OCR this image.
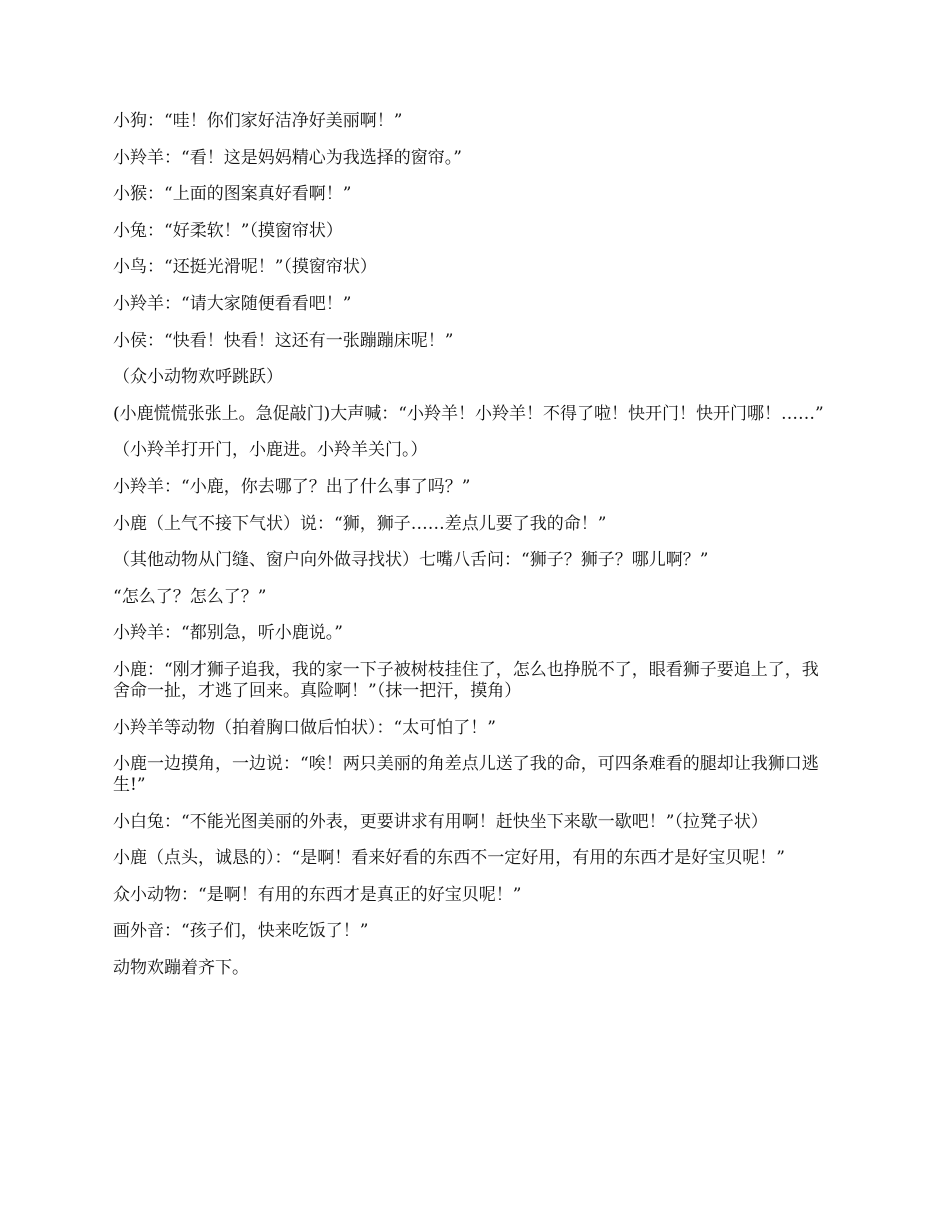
小狗：“哇！你们家好洁净好美丽啊！”

小羚羊：“看！这是妈妈精心为我选择的窗帘。”

小猴：“上面的图案真好看啊！”

小兔：“好柔软！”（摸窗帘状）

小鸟：“还挺光滑呢！”（摸窗帘状）

小羚羊：“请大家随便看看吧！”

小侯：“快看！快看！这还有一张蹦蹦床呢！”

（众小动物欢呼跳跃）

(小鹿慌慌张张上。急促敲门)大声喊：“小羚羊！小羚羊！不得了啦！快开门！快开门哪！……”

（小羚羊打开门，小鹿进。小羚羊关门。）

小羚羊：“小鹿，你去哪了？出了什么事了吗？”

小鹿（上气不接下气状）说：“狮，狮子……差点儿要了我的命！”

（其他动物从门缝、窗户向外做寻找状）七嘴八舌问：“狮子？狮子？哪儿啊？”

“怎么了？怎么了？”

小羚羊：“都别急，听小鹿说。”

小鹿：“刚才狮子追我，我的家一下子被树枝挂住了，怎么也挣脱不了，眼看狮子要追上了，我舍命一扯，才逃了回来。真险啊！”（抹一把汗，摸角）

小羚羊等动物（拍着胸口做后怕状）：“太可怕了！”

小鹿一边摸角，一边说：“唉！两只美丽的角差点儿送了我的命，可四条难看的腿却让我狮口逃生!”

小白兔：“不能光图美丽的外表，更要讲求有用啊！赶快坐下来歇一歇吧！”（拉凳子状）

小鹿（点头，诚恳的）：“是啊！看来好看的东西不一定好用，有用的东西才是好宝贝呢！”

众小动物：“是啊！有用的东西才是真正的好宝贝呢！”

画外音：“孩子们，快来吃饭了！”

动物欢蹦着齐下。
